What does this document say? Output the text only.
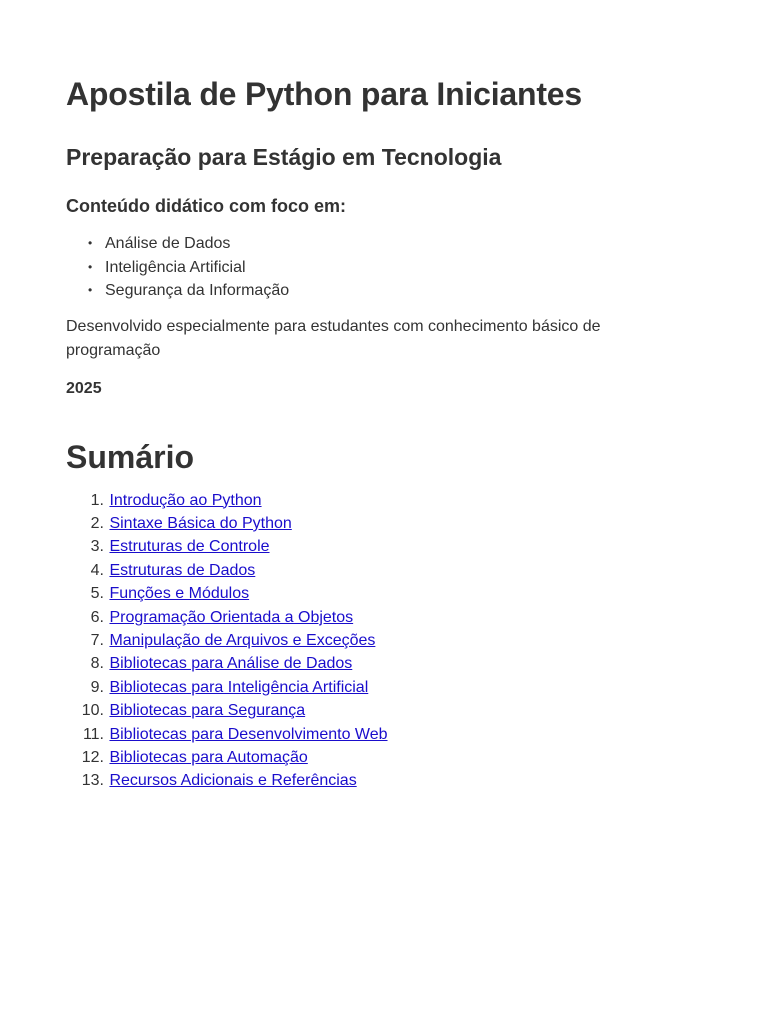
Apostila de Python para Iniciantes
Preparação para Estágio em Tecnologia
Conteúdo didático com foco em:
• Análise de Dados
• Inteligência Artificial
• Segurança da Informação

Desenvolvido especialmente para estudantes com conhecimento básico de programação

2025

Sumário
1.
Introdução ao Python
2.
Sintaxe Básica do Python
3.
Estruturas de Controle
4.
Estruturas de Dados
5.
Funções e Módulos
6.
Programação Orientada a Objetos
7.
Manipulação de Arquivos e Exceções
8.
Bibliotecas para Análise de Dados
9.
Bibliotecas para Inteligência Artificial
10.
Bibliotecas para Segurança
11.
Bibliotecas para Desenvolvimento Web
12.
Bibliotecas para Automação
13.
Recursos Adicionais e Referências
